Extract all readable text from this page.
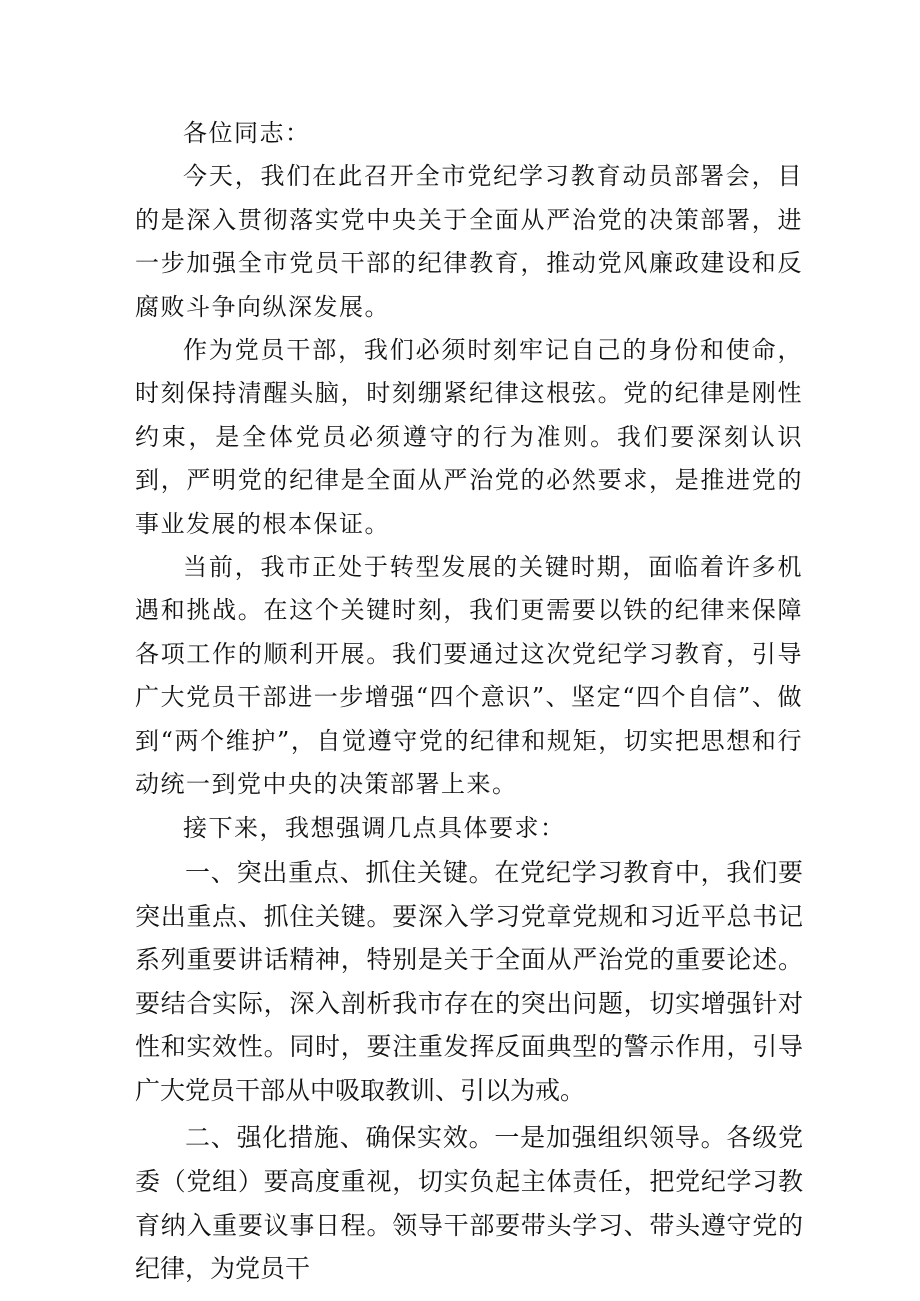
各位同志：

今天，我们在此召开全市党纪学习教育动员部署会，目的是深入贯彻落实党中央关于全面从严治党的决策部署，进一步加强全市党员干部的纪律教育，推动党风廉政建设和反腐败斗争向纵深发展。

作为党员干部，我们必须时刻牢记自己的身份和使命，时刻保持清醒头脑，时刻绷紧纪律这根弦。党的纪律是刚性约束，是全体党员必须遵守的行为准则。我们要深刻认识到，严明党的纪律是全面从严治党的必然要求，是推进党的事业发展的根本保证。

当前，我市正处于转型发展的关键时期，面临着许多机遇和挑战。在这个关键时刻，我们更需要以铁的纪律来保障各项工作的顺利开展。我们要通过这次党纪学习教育，引导广大党员干部进一步增强“四个意识”、坚定“四个自信”、做到“两个维护”，自觉遵守党的纪律和规矩，切实把思想和行动统一到党中央的决策部署上来。

接下来，我想强调几点具体要求：

一、突出重点、抓住关键。在党纪学习教育中，我们要突出重点、抓住关键。要深入学习党章党规和习近平总书记系列重要讲话精神，特别是关于全面从严治党的重要论述。要结合实际，深入剖析我市存在的突出问题，切实增强针对性和实效性。同时，要注重发挥反面典型的警示作用，引导广大党员干部从中吸取教训、引以为戒。

二、强化措施、确保实效。一是加强组织领导。各级党委（党组）要高度重视，切实负起主体责任，把党纪学习教育纳入重要议事日程。领导干部要带头学习、带头遵守党的纪律，为党员干
